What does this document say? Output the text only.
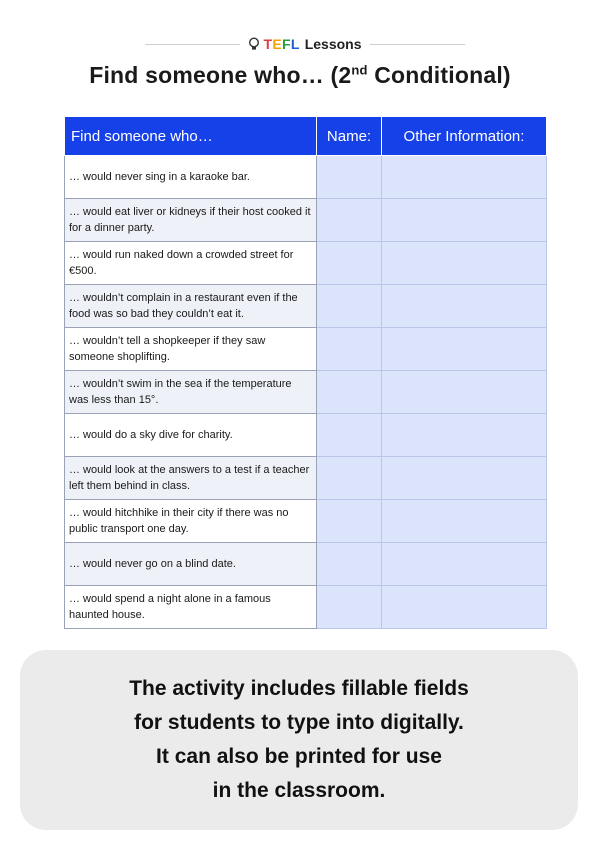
TEFL Lessons
Find someone who… (2nd Conditional)
Find someone who…	Name:	Other Information:
… would never sing in a karaoke bar.		
… would eat liver or kidneys if their host cooked it for a dinner party.		
… would run naked down a crowded street for €500.		
… wouldn’t complain in a restaurant even if the food was so bad they couldn’t eat it.		
… wouldn’t tell a shopkeeper if they saw someone shoplifting.		
… wouldn’t swim in the sea if the temperature was less than 15°.		
… would do a sky dive for charity.		
… would look at the answers to a test if a teacher left them behind in class.		
… would hitchhike in their city if there was no public transport one day.		
… would never go on a blind date.		
… would spend a night alone in a famous haunted house.		
The activity includes fillable fields
for students to type into digitally.
It can also be printed for use
in the classroom.
